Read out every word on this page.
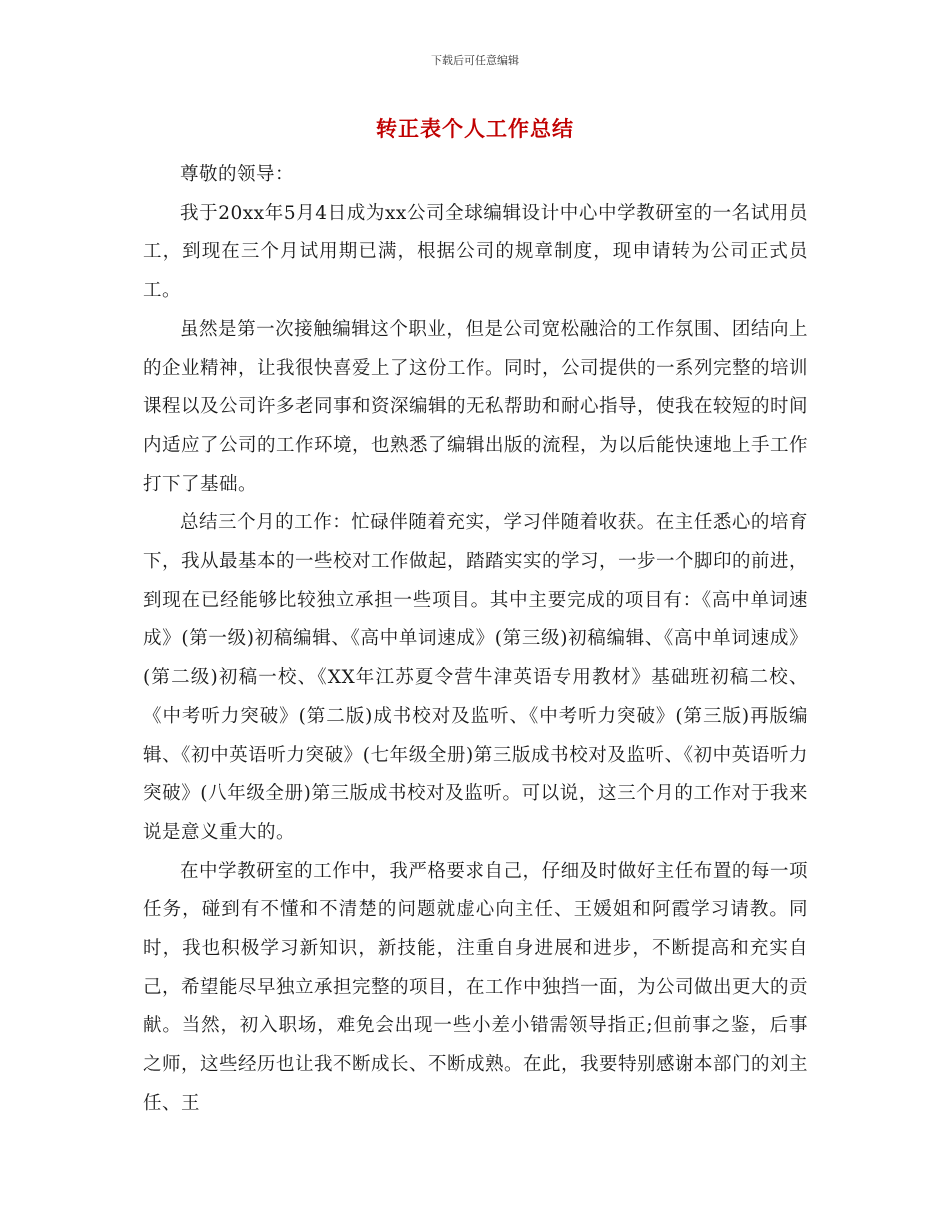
下载后可任意编辑
转正表个人工作总结

尊敬的领导：

我于20xx年5月4日成为xx公司全球编辑设计中心中学教研室的一名试用员工，到现在三个月试用期已满，根据公司的规章制度，现申请转为公司正式员工。

虽然是第一次接触编辑这个职业，但是公司宽松融洽的工作氛围、团结向上的企业精神，让我很快喜爱上了这份工作。同时，公司提供的一系列完整的培训课程以及公司许多老同事和资深编辑的无私帮助和耐心指导，使我在较短的时间内适应了公司的工作环境，也熟悉了编辑出版的流程，为以后能快速地上手工作打下了基础。

总结三个月的工作：忙碌伴随着充实，学习伴随着收获。在主任悉心的培育下，我从最基本的一些校对工作做起，踏踏实实的学习，一步一个脚印的前进，到现在已经能够比较独立承担一些项目。其中主要完成的项目有：《高中单词速成》(第一级)初稿编辑、《高中单词速成》(第三级)初稿编辑、《高中单词速成》(第二级)初稿一校、《XX年江苏夏令营牛津英语专用教材》基础班初稿二校、《中考听力突破》(第二版)成书校对及监听、《中考听力突破》(第三版)再版编辑、《初中英语听力突破》(七年级全册)第三版成书校对及监听、《初中英语听力突破》(八年级全册)第三版成书校对及监听。可以说，这三个月的工作对于我来说是意义重大的。

在中学教研室的工作中，我严格要求自己，仔细及时做好主任布置的每一项任务，碰到有不懂和不清楚的问题就虚心向主任、王媛姐和阿霞学习请教。同时，我也积极学习新知识，新技能，注重自身进展和进步，不断提高和充实自己，希望能尽早独立承担完整的项目，在工作中独挡一面，为公司做出更大的贡献。当然，初入职场，难免会出现一些小差小错需领导指正;但前事之鉴，后事之师，这些经历也让我不断成长、不断成熟。在此，我要特别感谢本部门的刘主任、王
